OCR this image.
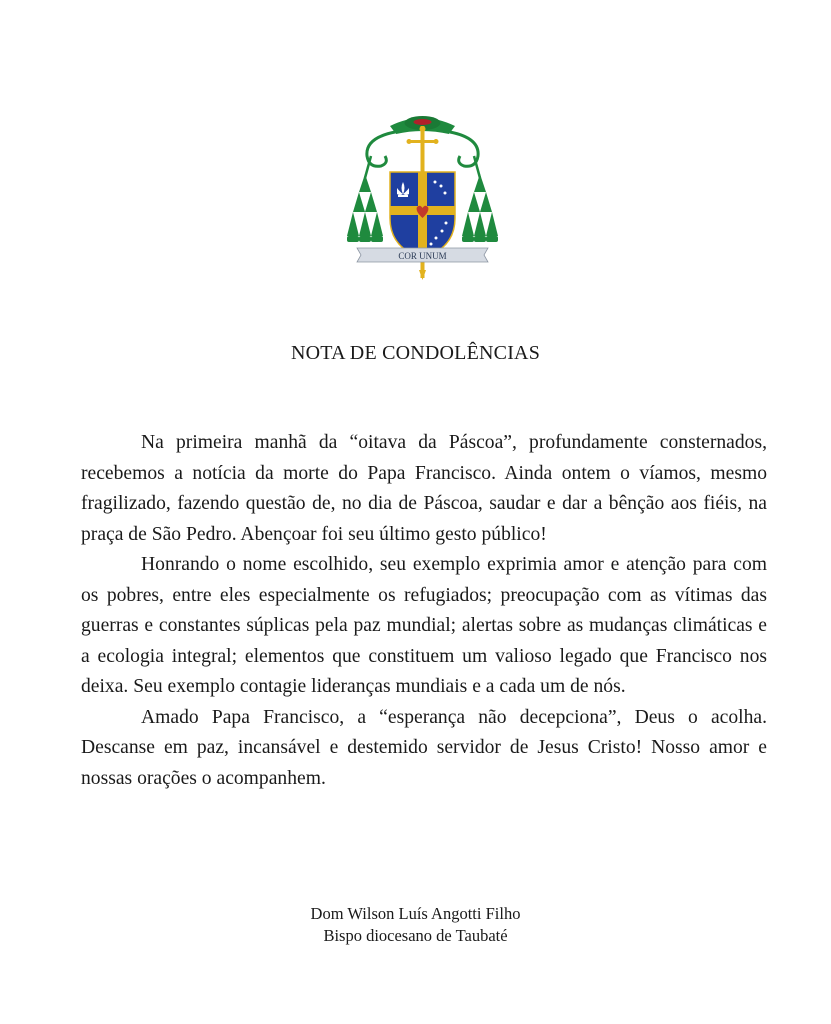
COR UNUM
NOTA DE CONDOLÊNCIAS

Na primeira manhã da “oitava da Páscoa”, profundamente consternados, recebemos a notícia da morte do Papa Francisco. Ainda ontem o víamos, mesmo fragilizado, fazendo questão de, no dia de Páscoa, saudar e dar a bênção aos fiéis, na praça de São Pedro. Abençoar foi seu último gesto público!

Honrando o nome escolhido, seu exemplo exprimia amor e atenção para com os pobres, entre eles especialmente os refugiados; preocupação com as vítimas das guerras e constantes súplicas pela paz mundial; alertas sobre as mudanças climáticas e a ecologia integral; elementos que constituem um valioso legado que Francisco nos deixa. Seu exemplo contagie lideranças mundiais e a cada um de nós.

Amado Papa Francisco, a “esperança não decepciona”, Deus o acolha. Descanse em paz, incansável e destemido servidor de Jesus Cristo! Nosso amor e nossas orações o acompanhem.

Dom Wilson Luís Angotti Filho
Bispo diocesano de Taubaté
